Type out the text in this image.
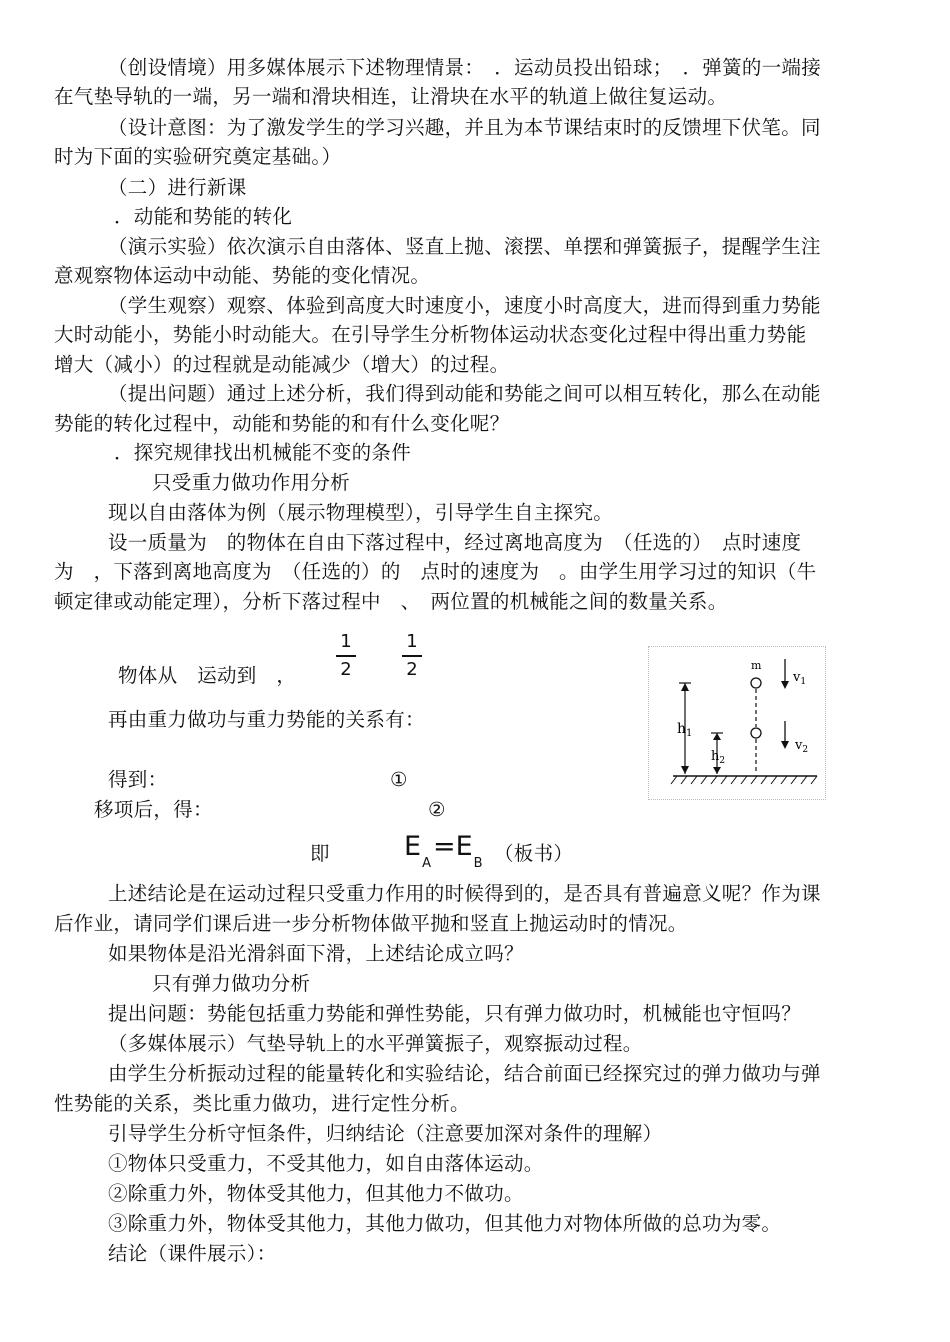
（创设情境）用多媒体展示下述物理情景：　．运动员投出铅球；　．弹簧的一端接
在气垫导轨的一端，另一端和滑块相连，让滑块在水平的轨道上做往复运动。
（设计意图：为了激发学生的学习兴趣，并且为本节课结束时的反馈埋下伏笔。同
时为下面的实验研究奠定基础。）
（二）进行新课
．动能和势能的转化
（演示实验）依次演示自由落体、竖直上抛、滚摆、单摆和弹簧振子，提醒学生注
意观察物体运动中动能、势能的变化情况。
（学生观察）观察、体验到高度大时速度小，速度小时高度大，进而得到重力势能
大时动能小，势能小时动能大。在引导学生分析物体运动状态变化过程中得出重力势能
增大（减小）的过程就是动能减少（增大）的过程。
（提出问题）通过上述分析，我们得到动能和势能之间可以相互转化，那么在动能
势能的转化过程中，动能和势能的和有什么变化呢？
．探究规律找出机械能不变的条件
只受重力做功作用分析
现以自由落体为例（展示物理模型），引导学生自主探究。
设一质量为　的物体在自由下落过程中，经过离地高度为　（任选的）　点时速度
为　，下落到离地高度为　（任选的）的　点时的速度为　。由学生用学习过的知识（牛
顿定律或动能定理），分析下落过程中　、　两位置的机械能之间的数量关系。
物体从　运动到　，
1
2
1
2
再由重力做功与重力势能的关系有：
得到：	①
移项后，得：	②
即	$E_A=E_B$ （板书）
上述结论是在运动过程只受重力作用的时候得到的，是否具有普遍意义呢？作为课
后作业，请同学们课后进一步分析物体做平抛和竖直上抛运动时的情况。
如果物体是沿光滑斜面下滑，上述结论成立吗？
只有弹力做功分析
提出问题：势能包括重力势能和弹性势能，只有弹力做功时，机械能也守恒吗？
（多媒体展示）气垫导轨上的水平弹簧振子，观察振动过程。
由学生分析振动过程的能量转化和实验结论，结合前面已经探究过的弹力做功与弹
性势能的关系，类比重力做功，进行定性分析。
引导学生分析守恒条件，归纳结论（注意要加深对条件的理解）
①物体只受重力，不受其他力，如自由落体运动。
②除重力外，物体受其他力，但其他力不做功。
③除重力外，物体受其他力，其他力做功，但其他力对物体所做的总功为零。
结论（课件展示）：
$h_1$
$h_2$
m
$v_1$
$v_2$
